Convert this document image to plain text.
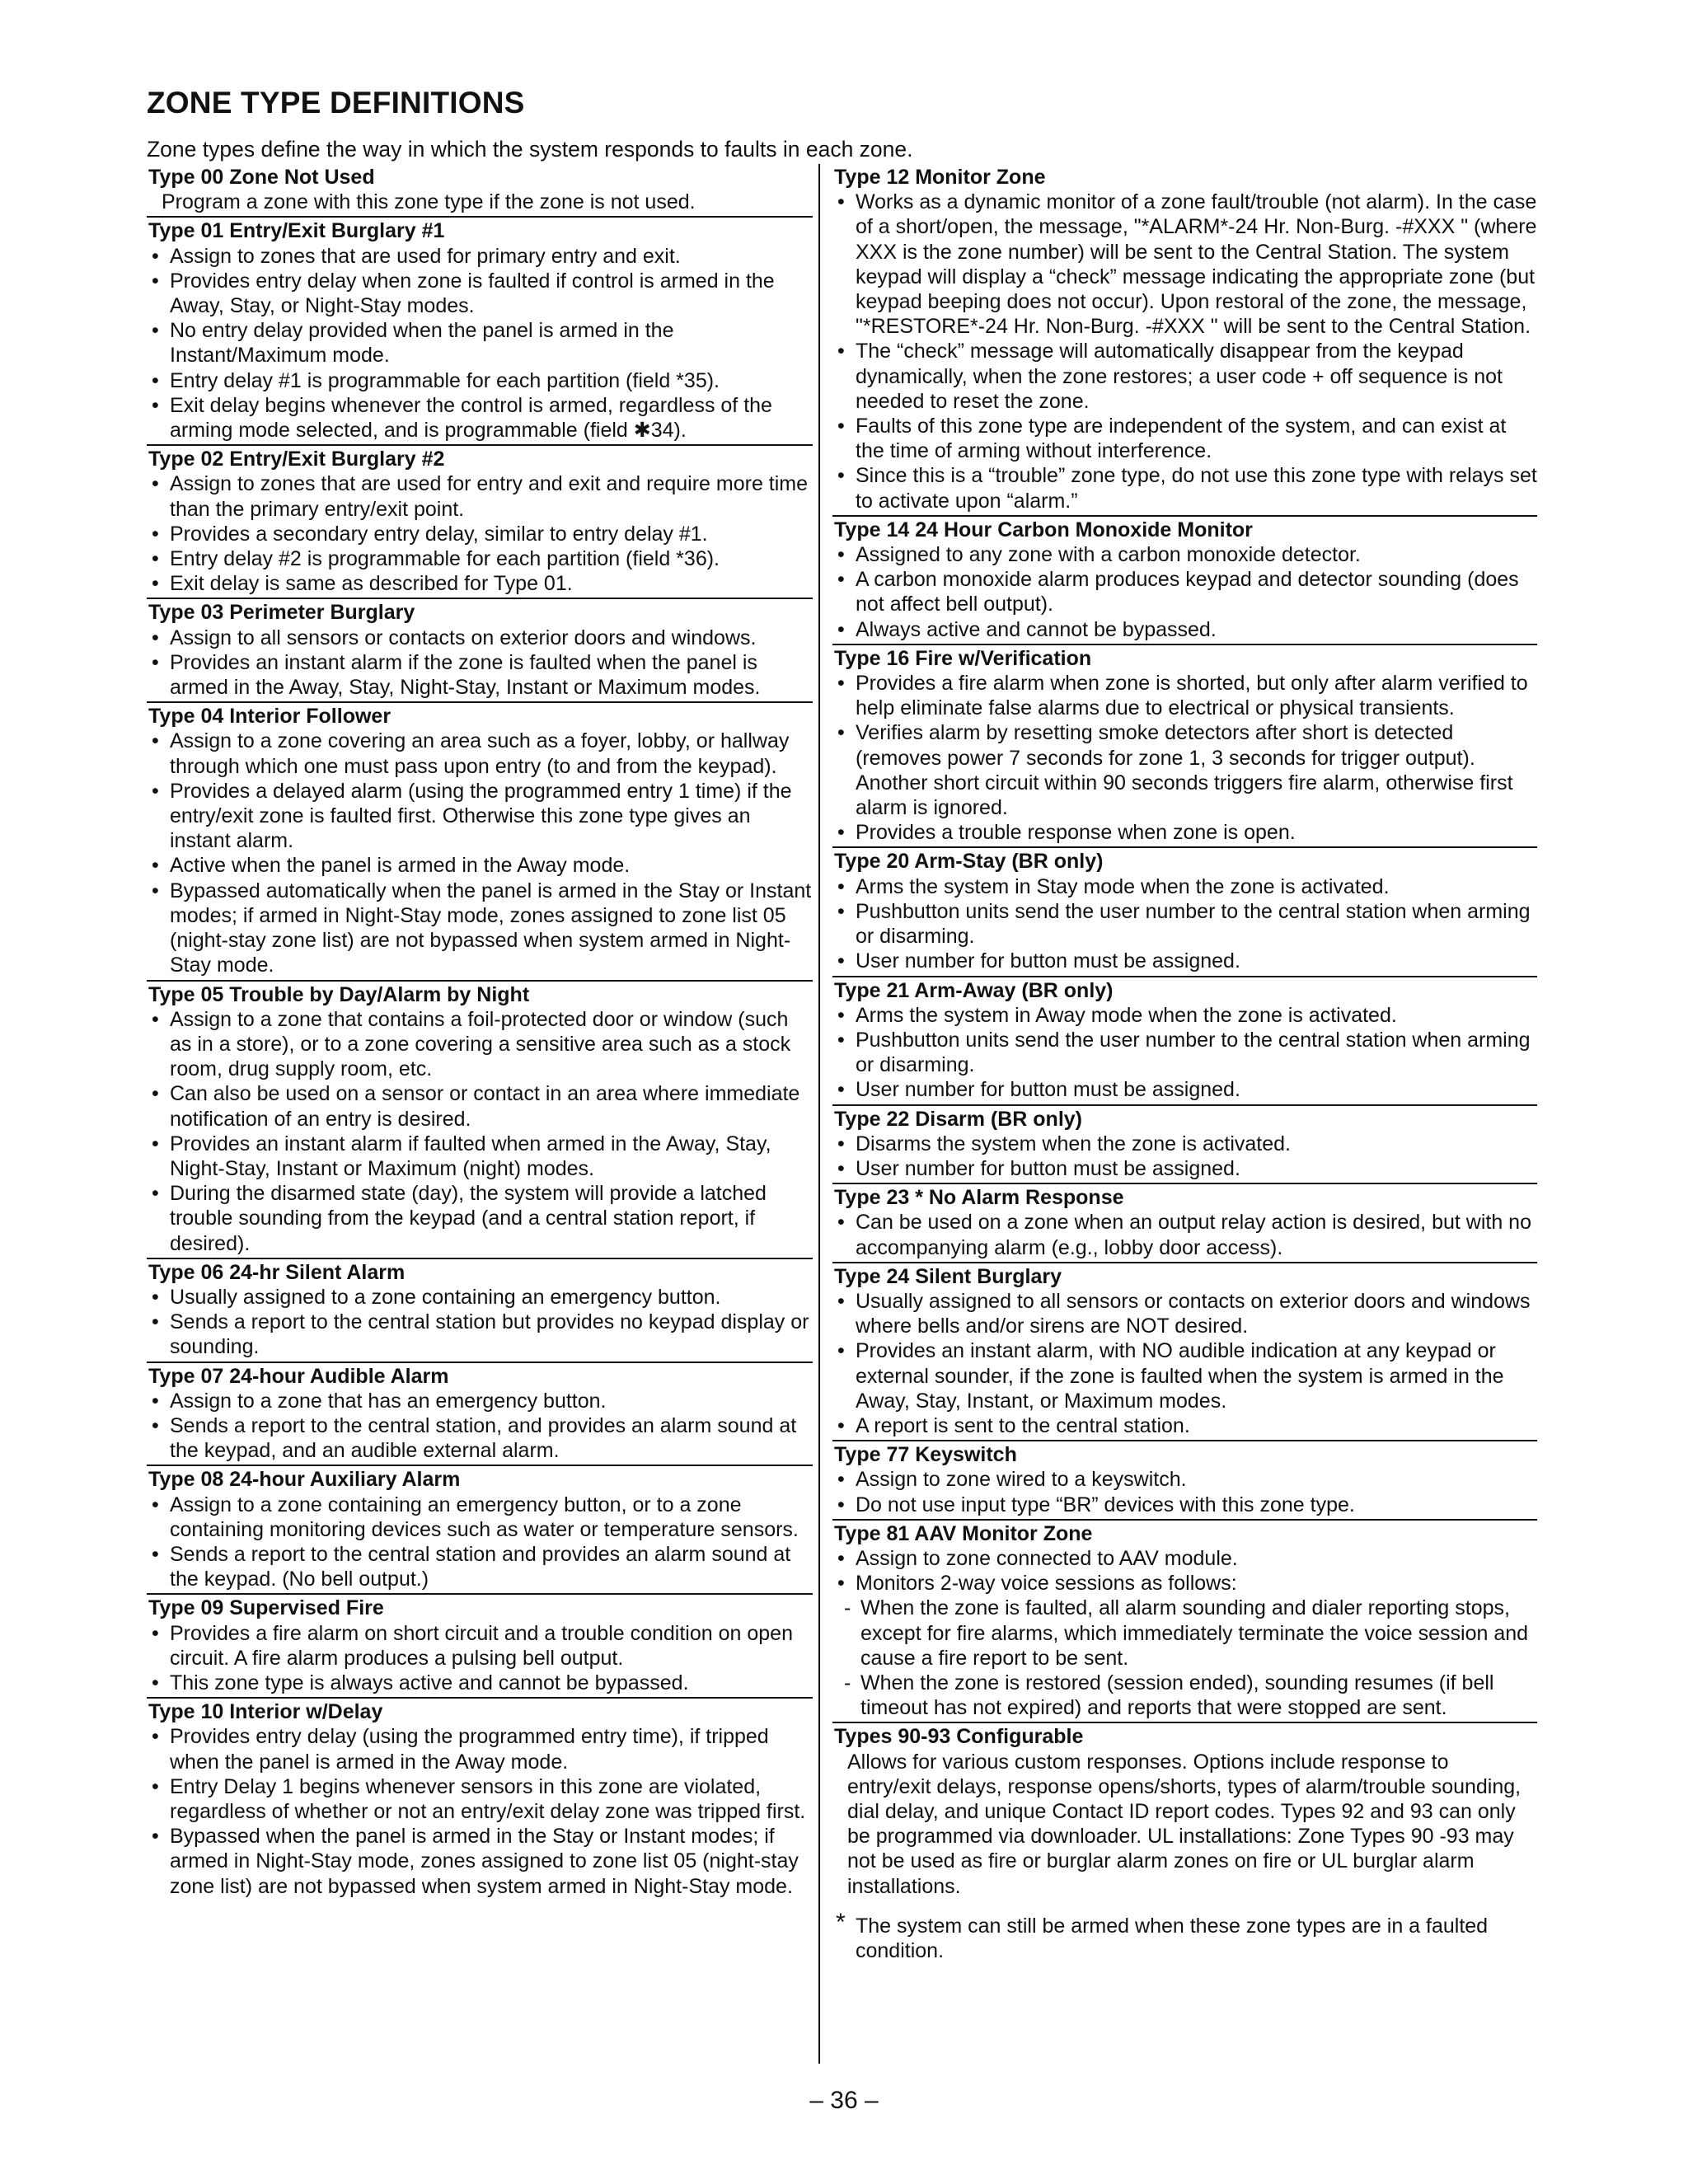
ZONE TYPE DEFINITIONS

Zone types define the way in which the system responds to faults in each zone.

Type 00 Zone Not Used

Program a zone with this zone type if the zone is not used.

Type 01 Entry/Exit Burglary #1

• Assign to zones that are used for primary entry and exit.
• Provides entry delay when zone is faulted if control is armed in the Away, Stay, or Night-Stay modes.
• No entry delay provided when the panel is armed in the Instant/Maximum mode.
• Entry delay #1 is programmable for each partition (field *35).
• Exit delay begins whenever the control is armed, regardless of the arming mode selected, and is programmable (field ✱34).

Type 02 Entry/Exit Burglary #2

• Assign to zones that are used for entry and exit and require more time than the primary entry/exit point.
• Provides a secondary entry delay, similar to entry delay #1.
• Entry delay #2 is programmable for each partition (field *36).
• Exit delay is same as described for Type 01.

Type 03 Perimeter Burglary

• Assign to all sensors or contacts on exterior doors and windows.
• Provides an instant alarm if the zone is faulted when the panel is armed in the Away, Stay, Night-Stay, Instant or Maximum modes.

Type 04 Interior Follower

• Assign to a zone covering an area such as a foyer, lobby, or hallway through which one must pass upon entry (to and from the keypad).
• Provides a delayed alarm (using the programmed entry 1 time) if the entry/exit zone is faulted first. Otherwise this zone type gives an instant alarm.
• Active when the panel is armed in the Away mode.
• Bypassed automatically when the panel is armed in the Stay or Instant modes; if armed in Night-Stay mode, zones assigned to zone list 05 (night-stay zone list) are not bypassed when system armed in Night-Stay mode.

Type 05 Trouble by Day/Alarm by Night

• Assign to a zone that contains a foil-protected door or window (such as in a store), or to a zone covering a sensitive area such as a stock room, drug supply room, etc.
• Can also be used on a sensor or contact in an area where immediate notification of an entry is desired.
• Provides an instant alarm if faulted when armed in the Away, Stay, Night-Stay, Instant or Maximum (night) modes.
• During the disarmed state (day), the system will provide a latched trouble sounding from the keypad (and a central station report, if desired).

Type 06 24-hr Silent Alarm

• Usually assigned to a zone containing an emergency button.
• Sends a report to the central station but provides no keypad display or sounding.

Type 07 24-hour Audible Alarm

• Assign to a zone that has an emergency button.
• Sends a report to the central station, and provides an alarm sound at the keypad, and an audible external alarm.

Type 08 24-hour Auxiliary Alarm

• Assign to a zone containing an emergency button, or to a zone containing monitoring devices such as water or temperature sensors.
• Sends a report to the central station and provides an alarm sound at the keypad. (No bell output.)

Type 09 Supervised Fire

• Provides a fire alarm on short circuit and a trouble condition on open circuit. A fire alarm produces a pulsing bell output.
• This zone type is always active and cannot be bypassed.

Type 10 Interior w/Delay

• Provides entry delay (using the programmed entry time), if tripped when the panel is armed in the Away mode.
• Entry Delay 1 begins whenever sensors in this zone are violated, regardless of whether or not an entry/exit delay zone was tripped first.
• Bypassed when the panel is armed in the Stay or Instant modes; if armed in Night-Stay mode, zones assigned to zone list 05 (night-stay zone list) are not bypassed when system armed in Night-Stay mode.

Type 12 Monitor Zone

• Works as a dynamic monitor of a zone fault/trouble (not alarm). In the case of a short/open, the message, "*ALARM*-24 Hr. Non-Burg. -#XXX " (where XXX is the zone number) will be sent to the Central Station. The system keypad will display a “check” message indicating the appropriate zone (but keypad beeping does not occur). Upon restoral of the zone, the message, "*RESTORE*-24 Hr. Non-Burg. -#XXX " will be sent to the Central Station.
• The “check” message will automatically disappear from the keypad dynamically, when the zone restores; a user code + off sequence is not needed to reset the zone.
• Faults of this zone type are independent of the system, and can exist at the time of arming without interference.
• Since this is a “trouble” zone type, do not use this zone type with relays set to activate upon “alarm.”

Type 14 24 Hour Carbon Monoxide Monitor

• Assigned to any zone with a carbon monoxide detector.
• A carbon monoxide alarm produces keypad and detector sounding (does not affect bell output).
• Always active and cannot be bypassed.

Type 16 Fire w/Verification

• Provides a fire alarm when zone is shorted, but only after alarm verified to help eliminate false alarms due to electrical or physical transients.
• Verifies alarm by resetting smoke detectors after short is detected (removes power 7 seconds for zone 1, 3 seconds for trigger output). Another short circuit within 90 seconds triggers fire alarm, otherwise first alarm is ignored.
• Provides a trouble response when zone is open.

Type 20 Arm-Stay (BR only)

• Arms the system in Stay mode when the zone is activated.
• Pushbutton units send the user number to the central station when arming or disarming.
• User number for button must be assigned.

Type 21 Arm-Away (BR only)

• Arms the system in Away mode when the zone is activated.
• Pushbutton units send the user number to the central station when arming or disarming.
• User number for button must be assigned.

Type 22 Disarm (BR only)

• Disarms the system when the zone is activated.
• User number for button must be assigned.

Type 23 * No Alarm Response

• Can be used on a zone when an output relay action is desired, but with no accompanying alarm (e.g., lobby door access).

Type 24 Silent Burglary

• Usually assigned to all sensors or contacts on exterior doors and windows where bells and/or sirens are NOT desired.
• Provides an instant alarm, with NO audible indication at any keypad or external sounder, if the zone is faulted when the system is armed in the Away, Stay, Instant, or Maximum modes.
• A report is sent to the central station.

Type 77 Keyswitch

• Assign to zone wired to a keyswitch.
• Do not use input type “BR” devices with this zone type.

Type 81 AAV Monitor Zone

• Assign to zone connected to AAV module.
• Monitors 2-way voice sessions as follows:
- When the zone is faulted, all alarm sounding and dialer reporting stops, except for fire alarms, which immediately terminate the voice session and cause a fire report to be sent.
- When the zone is restored (session ended), sounding resumes (if bell timeout has not expired) and reports that were stopped are sent.

Types 90-93 Configurable

Allows for various custom responses. Options include response to entry/exit delays, response opens/shorts, types of alarm/trouble sounding, dial delay, and unique Contact ID report codes. Types 92 and 93 can only be programmed via downloader. UL installations: Zone Types 90 -93 may not be used as fire or burglar alarm zones on fire or UL burglar alarm installations.

* The system can still be armed when these zone types are in a faulted condition.

– 36 –
